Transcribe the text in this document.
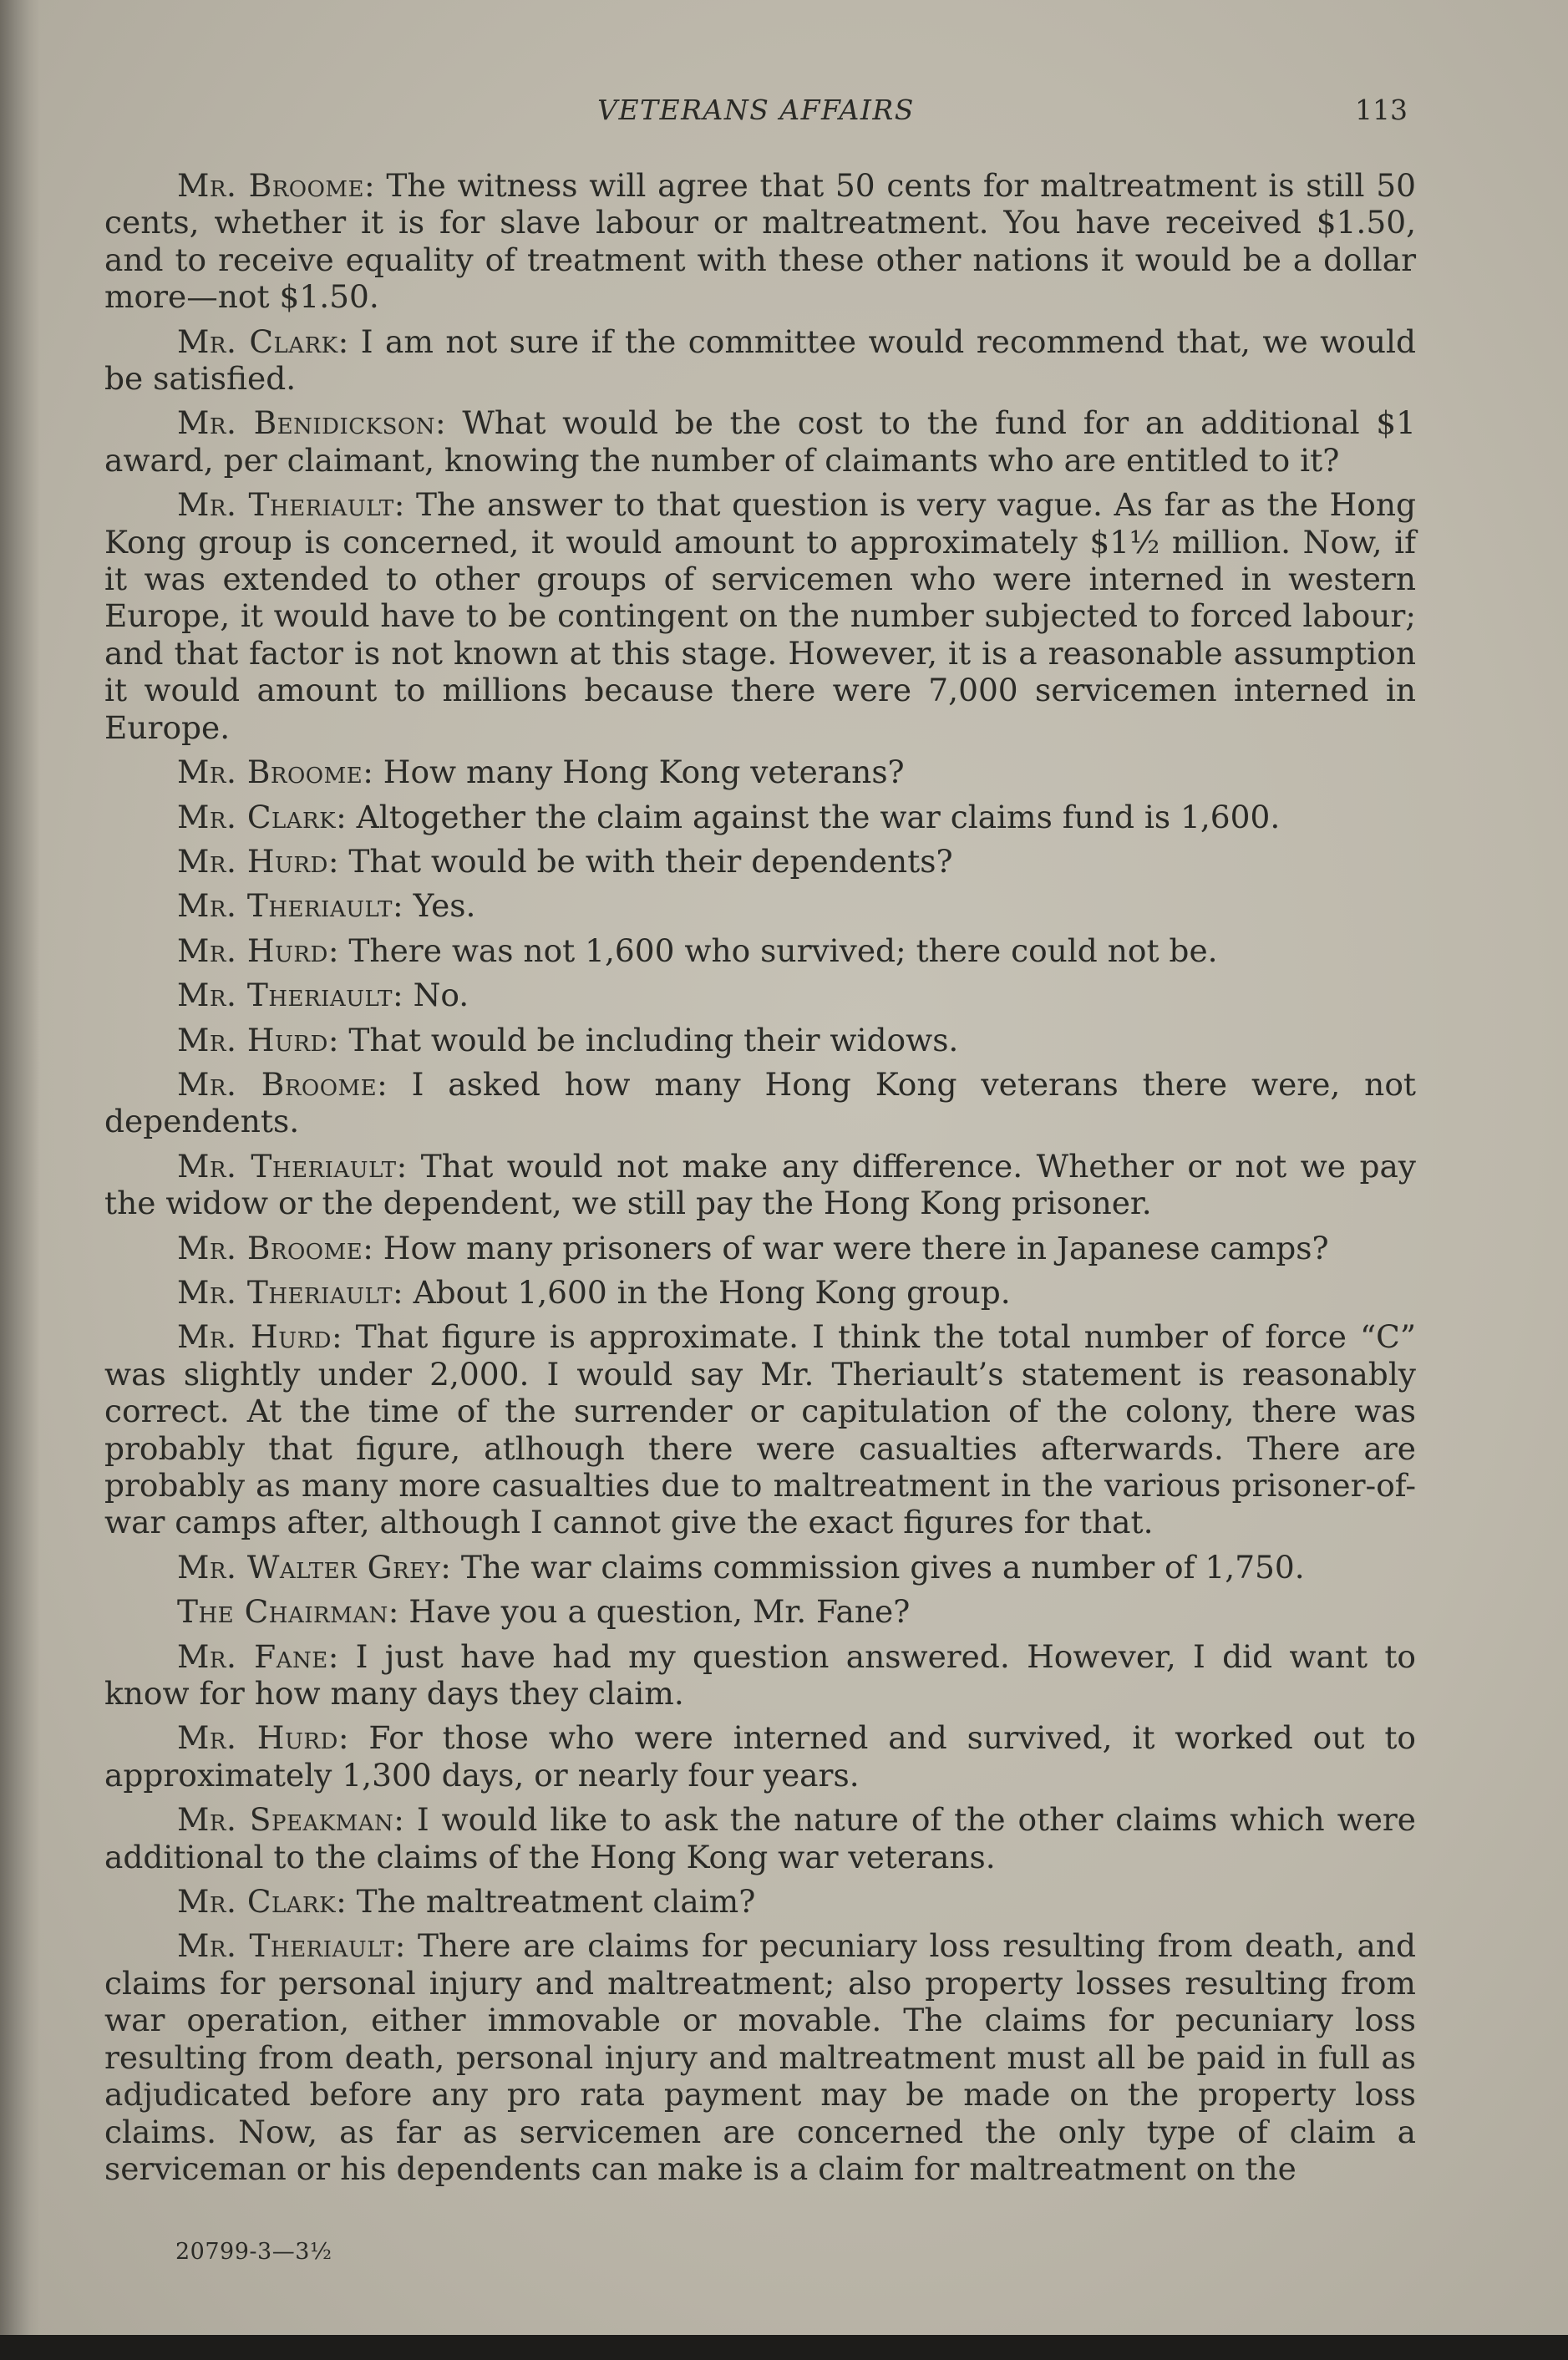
VETERANS AFFAIRS	113

Mr. Broome: The witness will agree that 50 cents for maltreatment is still 50 cents, whether it is for slave labour or maltreatment. You have received $1.50, and to receive equality of treatment with these other nations it would be a dollar more—not $1.50.

Mr. Clark: I am not sure if the committee would recommend that, we would be satisfied.

Mr. Benidickson: What would be the cost to the fund for an additional $1 award, per claimant, knowing the number of claimants who are entitled to it?

Mr. Theriault: The answer to that question is very vague. As far as the Hong Kong group is concerned, it would amount to approximately $1½ million. Now, if it was extended to other groups of servicemen who were interned in western Europe, it would have to be contingent on the number subjected to forced labour; and that factor is not known at this stage. However, it is a reasonable assumption it would amount to millions because there were 7,000 servicemen interned in Europe.

Mr. Broome: How many Hong Kong veterans?

Mr. Clark: Altogether the claim against the war claims fund is 1,600.

Mr. Hurd: That would be with their dependents?

Mr. Theriault: Yes.

Mr. Hurd: There was not 1,600 who survived; there could not be.

Mr. Theriault: No.

Mr. Hurd: That would be including their widows.

Mr. Broome: I asked how many Hong Kong veterans there were, not dependents.

Mr. Theriault: That would not make any difference. Whether or not we pay the widow or the dependent, we still pay the Hong Kong prisoner.

Mr. Broome: How many prisoners of war were there in Japanese camps?

Mr. Theriault: About 1,600 in the Hong Kong group.

Mr. Hurd: That figure is approximate. I think the total number of force “C” was slightly under 2,000. I would say Mr. Theriault’s statement is reasonably correct. At the time of the surrender or capitulation of the colony, there was probably that figure, atlhough there were casualties afterwards. There are probably as many more casualties due to maltreatment in the various prisoner-of-war camps after, although I cannot give the exact figures for that.

Mr. Walter Grey: The war claims commission gives a number of 1,750.

The Chairman: Have you a question, Mr. Fane?

Mr. Fane: I just have had my question answered. However, I did want to know for how many days they claim.

Mr. Hurd: For those who were interned and survived, it worked out to approximately 1,300 days, or nearly four years.

Mr. Speakman: I would like to ask the nature of the other claims which were additional to the claims of the Hong Kong war veterans.

Mr. Clark: The maltreatment claim?

Mr. Theriault: There are claims for pecuniary loss resulting from death, and claims for personal injury and maltreatment; also property losses resulting from war operation, either immovable or movable. The claims for pecuniary loss resulting from death, personal injury and maltreatment must all be paid in full as adjudicated before any pro rata payment may be made on the property loss claims. Now, as far as servicemen are concerned the only type of claim a serviceman or his dependents can make is a claim for maltreatment on the

20799-3—3½
